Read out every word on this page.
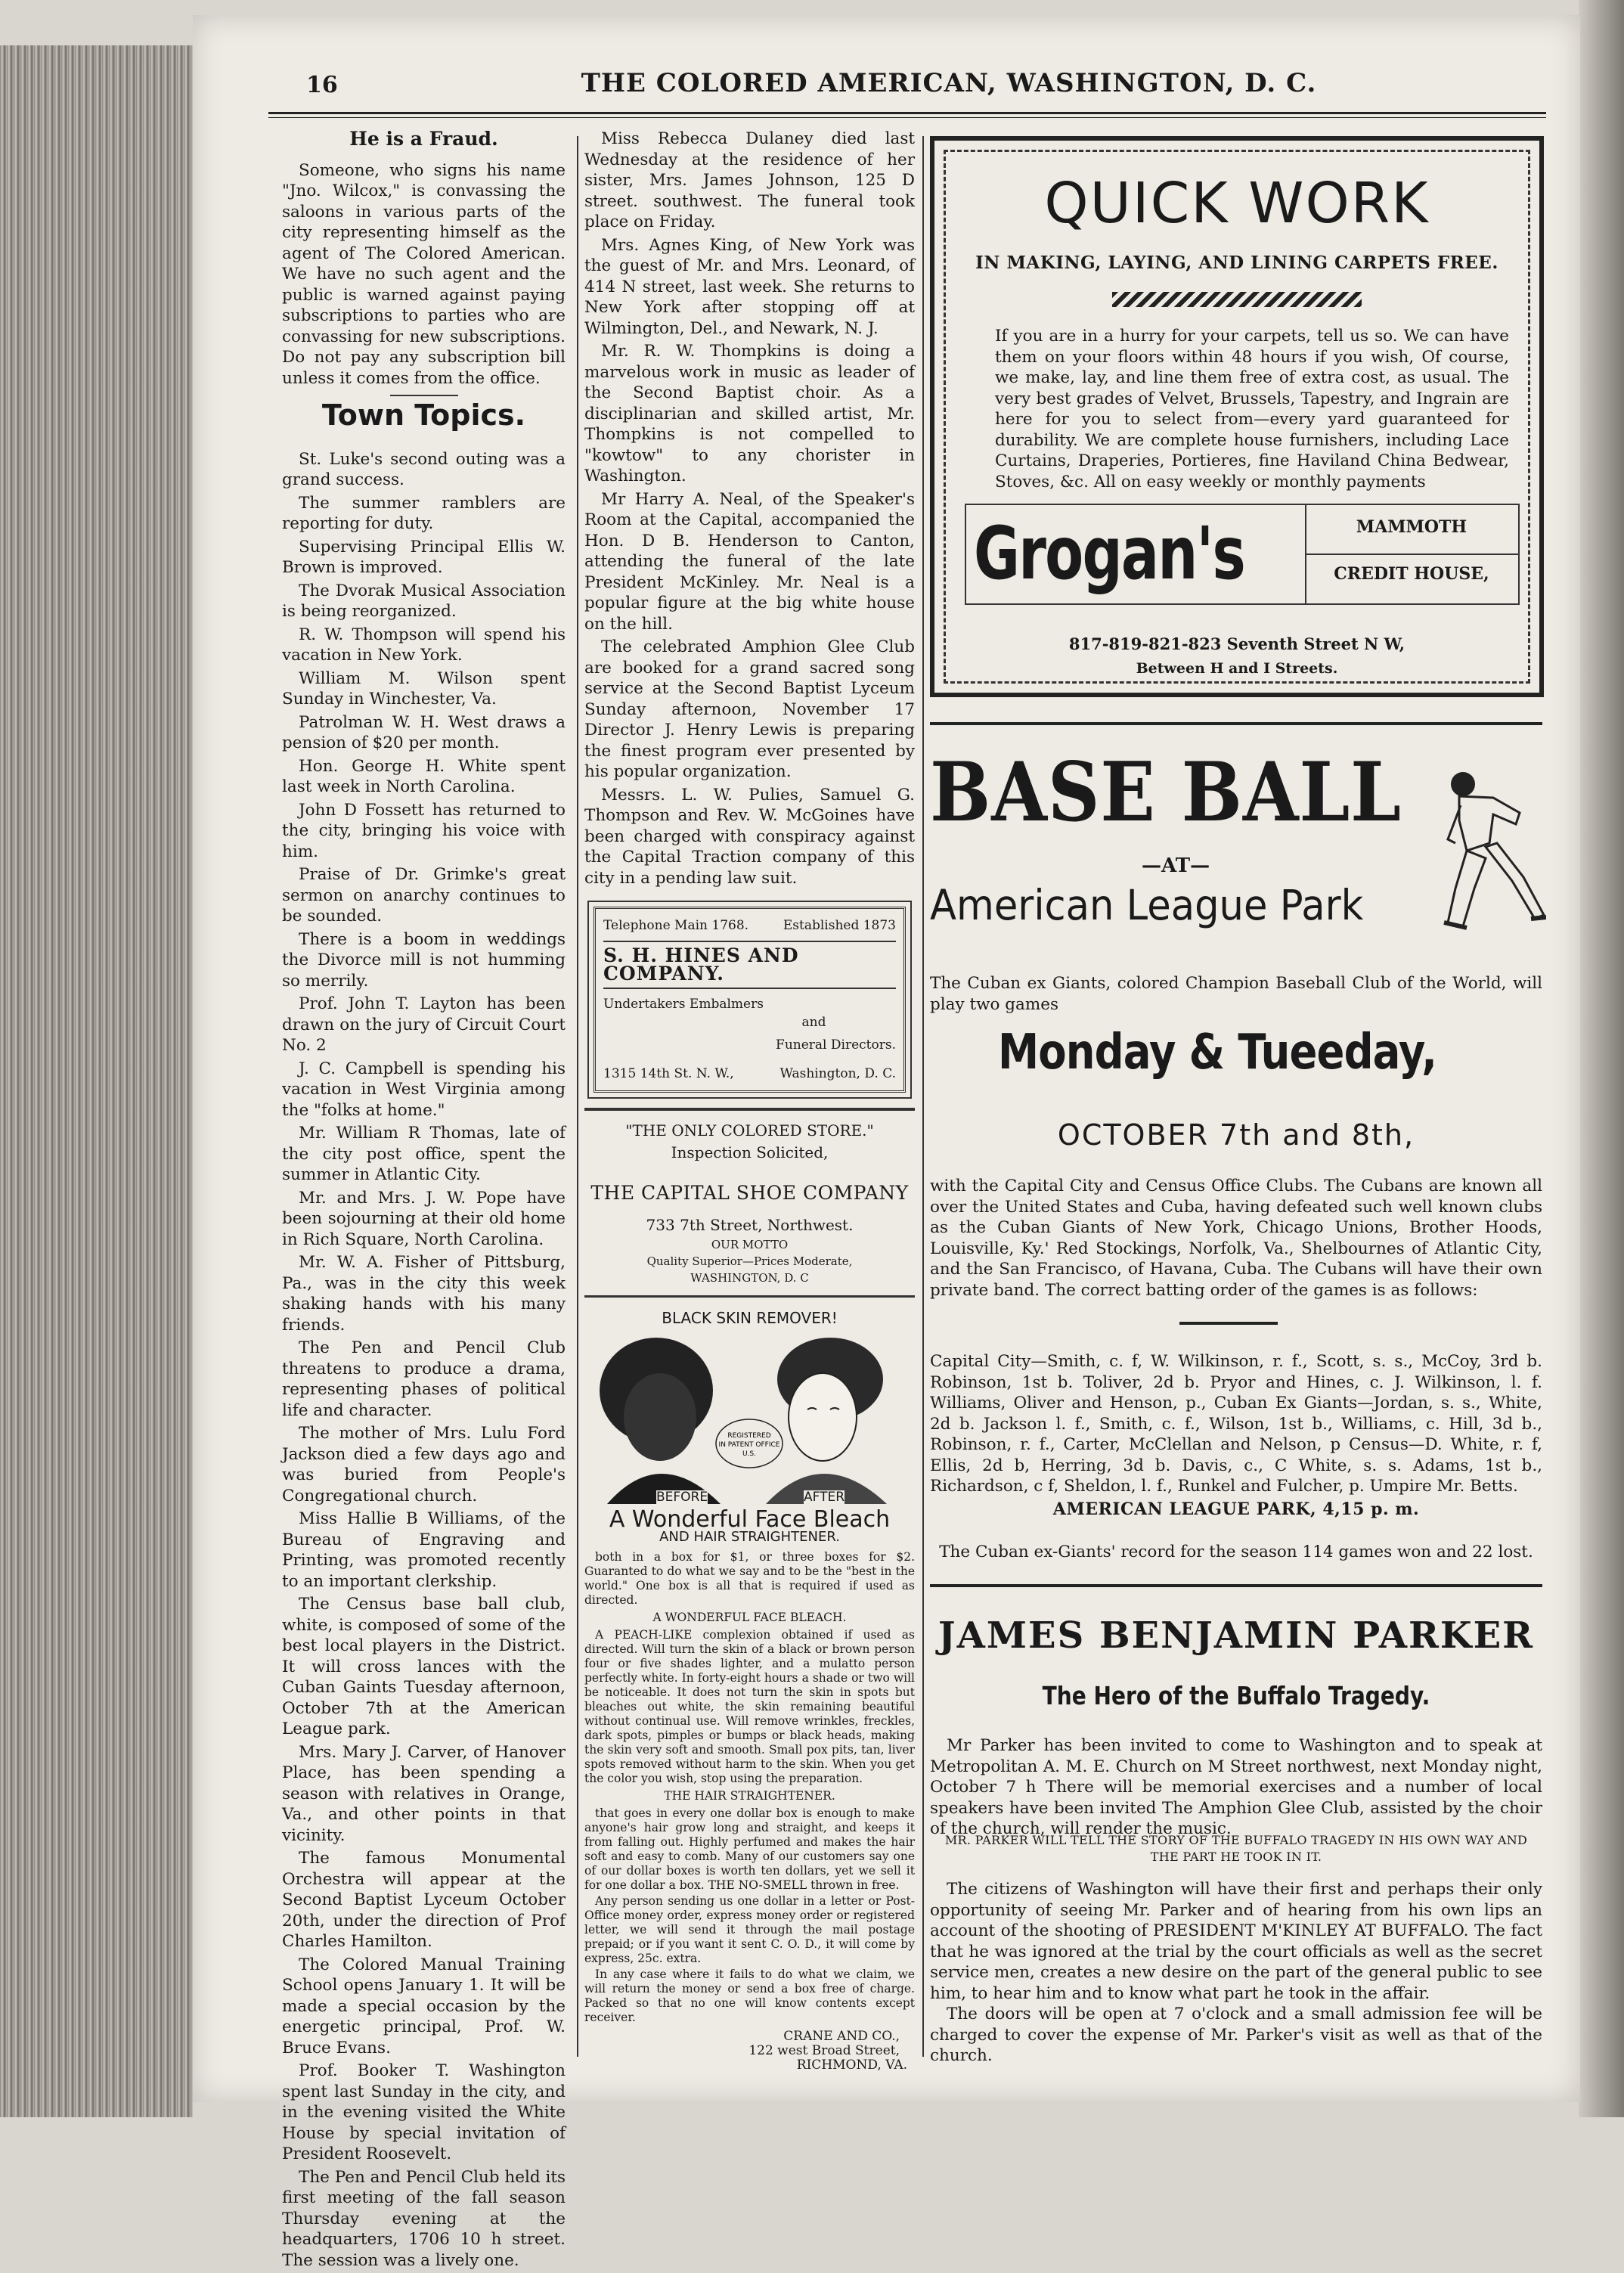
16	THE COLORED AMERICAN, WASHINGTON, D. C.
He is a Fraud.

Someone, who signs his name "Jno. Wilcox," is convassing the saloons in various parts of the city representing himself as the agent of The Colored American. We have no such agent and the public is warned against paying subscriptions to parties who are convassing for new subscriptions. Do not pay any subscription bill unless it comes from the office.

Town Topics.

St. Luke's second outing was a grand success.

The summer ramblers are reporting for duty.

Supervising Principal Ellis W. Brown is improved.

The Dvorak Musical Association is being reorganized.

R. W. Thompson will spend his vacation in New York.

William M. Wilson spent Sunday in Winchester, Va.

Patrolman W. H. West draws a pension of $20 per month.

Hon. George H. White spent last week in North Carolina.

John D Fossett has returned to the city, bringing his voice with him.

Praise of Dr. Grimke's great sermon on anarchy continues to be sounded.

There is a boom in weddings the Divorce mill is not humming so merrily.

Prof. John T. Layton has been drawn on the jury of Circuit Court No. 2

J. C. Campbell is spending his vacation in West Virginia among the "folks at home."

Mr. William R Thomas, late of the city post office, spent the summer in Atlantic City.

Mr. and Mrs. J. W. Pope have been sojourning at their old home in Rich Square, North Carolina.

Mr. W. A. Fisher of Pittsburg, Pa., was in the city this week shaking hands with his many friends.

The Pen and Pencil Club threatens to produce a drama, representing phases of political life and character.

The mother of Mrs. Lulu Ford Jackson died a few days ago and was buried from People's Congregational church.

Miss Hallie B Williams, of the Bureau of Engraving and Printing, was promoted recently to an important clerkship.

The Census base ball club, white, is composed of some of the best local players in the District. It will cross lances with the Cuban Gaints Tuesday afternoon, October 7th at the American League park.

Mrs. Mary J. Carver, of Hanover Place, has been spending a season with relatives in Orange, Va., and other points in that vicinity.

The famous Monumental Orchestra will appear at the Second Baptist Lyceum October 20th, under the direction of Prof Charles Hamilton.

The Colored Manual Training School opens January 1. It will be made a special occasion by the energetic principal, Prof. W. Bruce Evans.

Prof. Booker T. Washington spent last Sunday in the city, and in the evening visited the White House by special invitation of President Roosevelt.

The Pen and Pencil Club held its first meeting of the fall season Thursday evening at the headquarters, 1706 10 h street. The session was a lively one.

Miss Rebecca Dulaney died last Wednesday at the residence of her sister, Mrs. James Johnson, 125 D street. southwest. The funeral took place on Friday.

Mrs. Agnes King, of New York was the guest of Mr. and Mrs. Leonard, of 414 N street, last week. She returns to New York after stopping off at Wilmington, Del., and Newark, N. J.

Mr. R. W. Thompkins is doing a marvelous work in music as leader of the Second Baptist choir. As a disciplinarian and skilled artist, Mr. Thompkins is not compelled to "kowtow" to any chorister in Washington.

Mr Harry A. Neal, of the Speaker's Room at the Capital, accompanied the Hon. D B. Henderson to Canton, attending the funeral of the late President McKinley. Mr. Neal is a popular figure at the big white house on the hill.

The celebrated Amphion Glee Club are booked for a grand sacred song service at the Second Baptist Lyceum Sunday afternoon, November 17 Director J. Henry Lewis is preparing the finest program ever presented by his popular organization.

Messrs. L. W. Pulies, Samuel G. Thompson and Rev. W. McGoines have been charged with conspiracy against the Capital Traction company of this city in a pending law suit.

Telephone Main 1768.	Established 1873
S. H. HINES AND COMPANY.
Undertakers Embalmers
and
Funeral Directors.
1315 14th St. N. W.,	Washington, D. C.
"THE ONLY COLORED STORE."
Inspection Solicited,
THE CAPITAL SHOE COMPANY
733 7th Street, Northwest.
OUR MOTTO
Quality Superior—Prices Moderate,
WASHINGTON, D. C
BLACK SKIN REMOVER!
REGISTERED
IN PATENT OFFICE
U.S.
BEFORE	AFTER
A Wonderful Face Bleach
AND HAIR STRAIGHTENER.

both in a box for $1, or three boxes for $2. Guaranted to do what we say and to be the "best in the world." One box is all that is required if used as directed.

A WONDERFUL FACE BLEACH.

A PEACH-LIKE complexion obtained if used as directed. Will turn the skin of a black or brown person four or five shades lighter, and a mulatto person perfectly white. In forty-eight hours a shade or two will be noticeable. It does not turn the skin in spots but bleaches out white, the skin remaining beautiful without continual use. Will remove wrinkles, freckles, dark spots, pimples or bumps or black heads, making the skin very soft and smooth. Small pox pits, tan, liver spots removed without harm to the skin. When you get the color you wish, stop using the preparation.

THE HAIR STRAIGHTENER.

that goes in every one dollar box is enough to make anyone's hair grow long and straight, and keeps it from falling out. Highly perfumed and makes the hair soft and easy to comb. Many of our customers say one of our dollar boxes is worth ten dollars, yet we sell it for one dollar a box. THE NO-SMELL thrown in free.

Any person sending us one dollar in a letter or Post-Office money order, express money order or registered letter, we will send it through the mail postage prepaid; or if you want it sent C. O. D., it will come by express, 25c. extra.

In any case where it fails to do what we claim, we will return the money or send a box free of charge. Packed so that no one will know contents except receiver.

CRANE AND CO.,
122 west Broad Street,
RICHMOND, VA.
QUICK WORK
IN MAKING, LAYING, AND LINING CARPETS FREE.
If you are in a hurry for your carpets, tell us so. We can have them on your floors within 48 hours if you wish, Of course, we make, lay, and line them free of extra cost, as usual. The very best grades of Velvet, Brussels, Tapestry, and Ingrain are here for you to select from—every yard guaranteed for durability. We are complete house furnishers, including Lace Curtains, Draperies, Portieres, fine Haviland China Bedwear, Stoves, &c. All on easy weekly or monthly payments
Grogan's	MAMMOTH
CREDIT HOUSE,
817-819-821-823 Seventh Street N W,
Between H and I Streets.
BASE BALL
—AT—
American League Park
The Cuban ex Giants, colored Champion Baseball Club of the World, will play two games
Monday & Tueeday,
OCTOBER 7th and 8th,
with the Capital City and Census Office Clubs. The Cubans are known all over the United States and Cuba, having defeated such well known clubs as the Cuban Giants of New York, Chicago Unions, Brother Hoods, Louisville, Ky.' Red Stockings, Norfolk, Va., Shelbournes of Atlantic City, and the San Francisco, of Havana, Cuba. The Cubans will have their own private band. The correct batting order of the games is as follows:
Capital City—Smith, c. f, W. Wilkinson, r. f., Scott, s. s., McCoy, 3rd b. Robinson, 1st b. Toliver, 2d b. Pryor and Hines, c. J. Wilkinson, l. f. Williams, Oliver and Henson, p., Cuban Ex Giants—Jordan, s. s., White, 2d b. Jackson l. f., Smith, c. f., Wilson, 1st b., Williams, c. Hill, 3d b., Robinson, r. f., Carter, McClellan and Nelson, p Census—D. White, r. f, Ellis, 2d b, Herring, 3d b. Davis, c., C White, s. s. Adams, 1st b., Richardson, c f, Sheldon, l. f., Runkel and Fulcher, p. Umpire Mr. Betts.
AMERICAN LEAGUE PARK, 4,15 p. m.
The Cuban ex-Giants' record for the season 114 games won and 22 lost.
JAMES BENJAMIN PARKER
The Hero of the Buffalo Tragedy.

Mr Parker has been invited to come to Washington and to speak at Metropolitan A. M. E. Church on M Street northwest, next Monday night, October 7 h There will be memorial exercises and a number of local speakers have been invited The Amphion Glee Club, assisted by the choir of the church, will render the music.

MR. PARKER WILL TELL THE STORY OF THE BUFFALO TRAGEDY IN HIS OWN WAY AND THE PART HE TOOK IN IT.

The citizens of Washington will have their first and perhaps their only opportunity of seeing Mr. Parker and of hearing from his own lips an account of the shooting of PRESIDENT M'KINLEY AT BUFFALO. The fact that he was ignored at the trial by the court officials as well as the secret service men, creates a new desire on the part of the general public to see him, to hear him and to know what part he took in the affair.

The doors will be open at 7 o'clock and a small admission fee will be charged to cover the expense of Mr. Parker's visit as well as that of the church.
